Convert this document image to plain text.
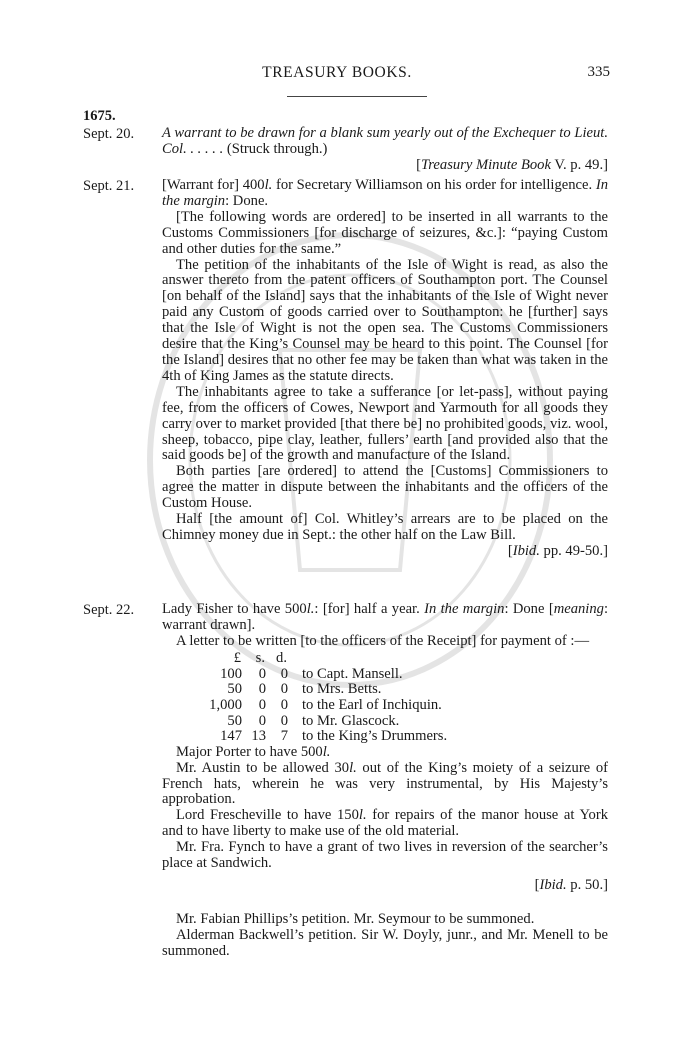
TREASURY BOOKS.	335
1675.
Sept. 20. A warrant to be drawn for a blank sum yearly out of the Exchequer to Lieut. Col. . . . . . (Struck through.)

[Treasury Minute Book V. p. 49.]
Sept. 21. [Warrant for] 400l. for Secretary Williamson on his order for intelligence. In the margin: Done.

[The following words are ordered] to be inserted in all warrants to the Customs Commissioners [for discharge of seizures, &c.]: “paying Custom and other duties for the same.”

The petition of the inhabitants of the Isle of Wight is read, as also the answer thereto from the patent officers of Southampton port. The Counsel [on behalf of the Island] says that the inhabitants of the Isle of Wight never paid any Custom of goods carried over to Southampton: he [further] says that the Isle of Wight is not the open sea. The Customs Commissioners desire that the King’s Counsel may be heard to this point. The Counsel [for the Island] desires that no other fee may be taken than what was taken in the 4th of King James as the statute directs.

The inhabitants agree to take a sufferance [or let-pass], without paying fee, from the officers of Cowes, Newport and Yarmouth for all goods they carry over to market provided [that there be] no prohibited goods, viz. wool, sheep, tobacco, pipe clay, leather, fullers’ earth [and provided also that the said goods be] of the growth and manufacture of the Island.

Both parties [are ordered] to attend the [Customs] Commissioners to agree the matter in dispute between the inhabitants and the officers of the Custom House.

Half [the amount of] Col. Whitley’s arrears are to be placed on the Chimney money due in Sept.: the other half on the Law Bill.

[Ibid. pp. 49-50.]
Sept. 22. Lady Fisher to have 500l.: [for] half a year. In the margin: Done [meaning: warrant drawn].

A letter to be written [to the officers of the Receipt] for payment of :—

£	s.	d.	
100	0	0	to Capt. Mansell.
50	0	0	to Mrs. Betts.
1,000	0	0	to the Earl of Inchiquin.
50	0	0	to Mr. Glascock.
147	13	7	to the King’s Drummers.

Major Porter to have 500l.

Mr. Austin to be allowed 30l. out of the King’s moiety of a seizure of French hats, wherein he was very instrumental, by His Majesty’s approbation.

Lord Frescheville to have 150l. for repairs of the manor house at York and to have liberty to make use of the old material.

Mr. Fra. Fynch to have a grant of two lives in reversion of the searcher’s place at Sandwich.

[Ibid. p. 50.]

Mr. Fabian Phillips’s petition. Mr. Seymour to be summoned.

Alderman Backwell’s petition. Sir W. Doyly, junr., and Mr. Menell to be summoned.
